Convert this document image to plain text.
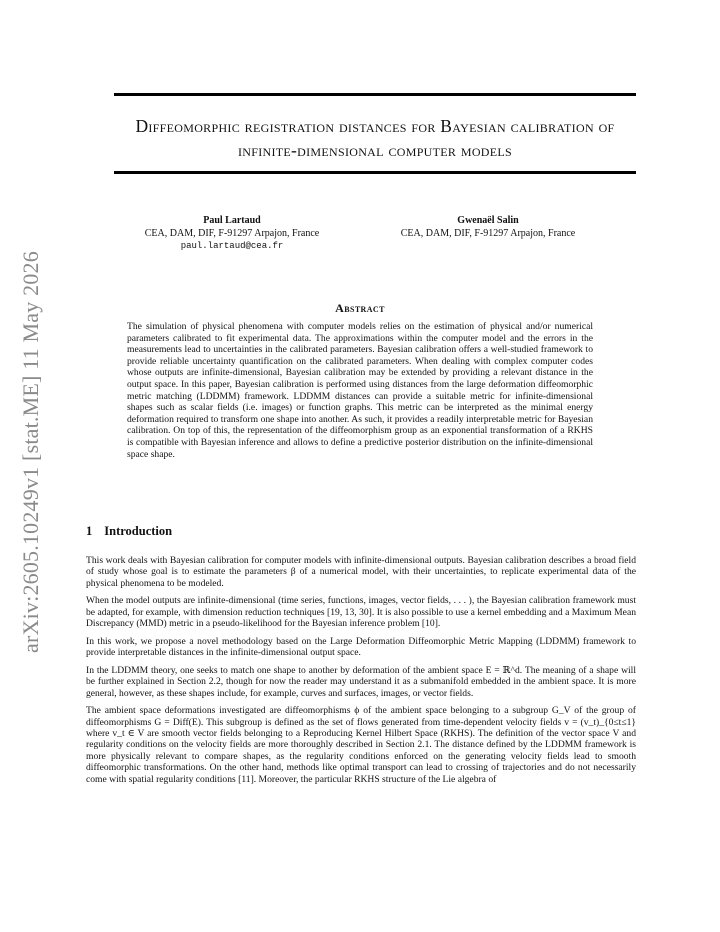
arXiv:2605.10249v1 [stat.ME] 11 May 2026
Diffeomorphic registration distances for Bayesian calibration of infinite-dimensional computer models
Paul Lartaud
CEA, DAM, DIF, F-91297 Arpajon, France
paul.lartaud@cea.fr
Gwenaël Salin
CEA, DAM, DIF, F-91297 Arpajon, France
Abstract

The simulation of physical phenomena with computer models relies on the estimation of physical and/or numerical parameters calibrated to fit experimental data. The approximations within the computer model and the errors in the measurements lead to uncertainties in the calibrated parameters. Bayesian calibration offers a well-studied framework to provide reliable uncertainty quantification on the calibrated parameters. When dealing with complex computer codes whose outputs are infinite-dimensional, Bayesian calibration may be extended by providing a relevant distance in the output space. In this paper, Bayesian calibration is performed using distances from the large deformation diffeomorphic metric matching (LDDMM) framework. LDDMM distances can provide a suitable metric for infinite-dimensional shapes such as scalar fields (i.e. images) or function graphs. This metric can be interpreted as the minimal energy deformation required to transform one shape into another. As such, it provides a readily interpretable metric for Bayesian calibration. On top of this, the representation of the diffeomorphism group as an exponential transformation of a RKHS is compatible with Bayesian inference and allows to define a predictive posterior distribution on the infinite-dimensional space shape.

1 Introduction

This work deals with Bayesian calibration for computer models with infinite-dimensional outputs. Bayesian calibration describes a broad field of study whose goal is to estimate the parameters β of a numerical model, with their uncertainties, to replicate experimental data of the physical phenomena to be modeled.

When the model outputs are infinite-dimensional (time series, functions, images, vector fields, . . . ), the Bayesian calibration framework must be adapted, for example, with dimension reduction techniques [19, 13, 30]. It is also possible to use a kernel embedding and a Maximum Mean Discrepancy (MMD) metric in a pseudo-likelihood for the Bayesian inference problem [10].

In this work, we propose a novel methodology based on the Large Deformation Diffeomorphic Metric Mapping (LDDMM) framework to provide interpretable distances in the infinite-dimensional output space.

In the LDDMM theory, one seeks to match one shape to another by deformation of the ambient space E = ℝ^d. The meaning of a shape will be further explained in Section 2.2, though for now the reader may understand it as a submanifold embedded in the ambient space. It is more general, however, as these shapes include, for example, curves and surfaces, images, or vector fields.

The ambient space deformations investigated are diffeomorphisms ϕ of the ambient space belonging to a subgroup G_V of the group of diffeomorphisms G = Diff(E). This subgroup is defined as the set of flows generated from time-dependent velocity fields v = (v_t)_{0≤t≤1} where v_t ∈ V are smooth vector fields belonging to a Reproducing Kernel Hilbert Space (RKHS). The definition of the vector space V and regularity conditions on the velocity fields are more thoroughly described in Section 2.1. The distance defined by the LDDMM framework is more physically relevant to compare shapes, as the regularity conditions enforced on the generating velocity fields lead to smooth diffeomorphic transformations. On the other hand, methods like optimal transport can lead to crossing of trajectories and do not necessarily come with spatial regularity conditions [11]. Moreover, the particular RKHS structure of the Lie algebra of
